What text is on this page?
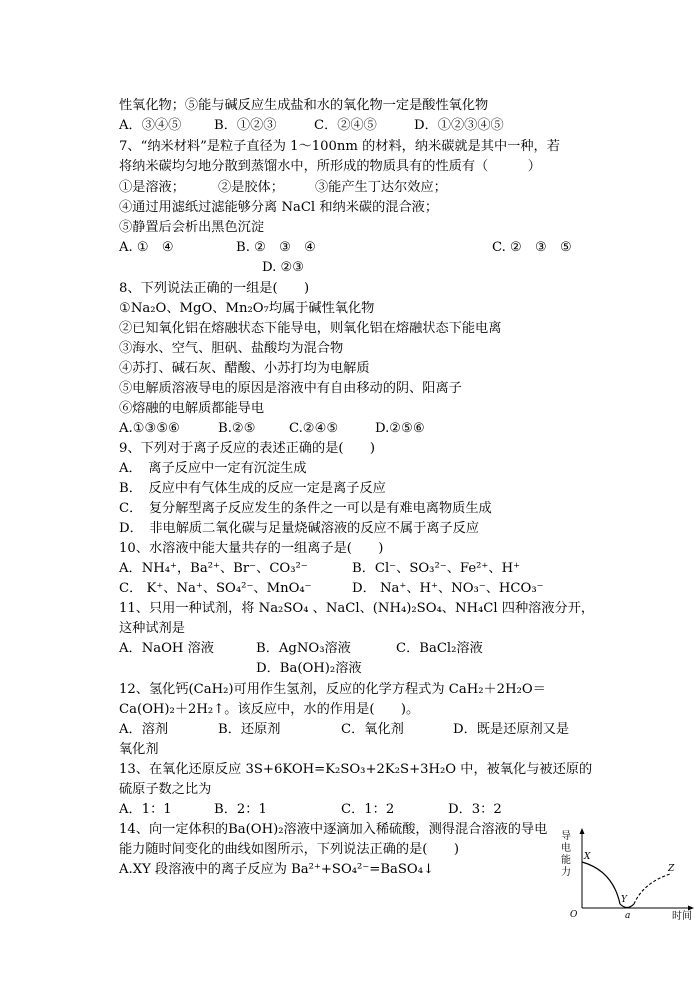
性氧化物；⑤能与碱反应生成盐和水的氧化物一定是酸性氧化物
A．③④⑤ B．①②③	C．②④⑤	D．①②③④⑤
7、“纳米材料”是粒子直径为 1～100nm 的材料，纳米碳就是其中一种，若
将纳米碳均匀地分散到蒸馏水中，所形成的物质具有的性质有（　　　）
①是溶液；	②是胶体； ③能产生丁达尔效应；
④通过用滤纸过滤能够分离 NaCl 和纳米碳的混合液；
⑤静置后会析出黑色沉淀
A. ①　④	B. ②　③　④	C. ②　③　⑤
D. ②③
8、下列说法正确的一组是(　　)
①Na₂O、MgO、Mn₂O₇均属于碱性氧化物
②已知氧化铝在熔融状态下能导电，则氧化铝在熔融状态下能电离
③海水、空气、胆矾、盐酸均为混合物
④苏打、碱石灰、醋酸、小苏打均为电解质
⑤电解质溶液导电的原因是溶液中有自由移动的阴、阳离子
⑥熔融的电解质都能导电
A.①③⑤⑥	B.②⑤	C.②④⑤	D.②⑤⑥
9、下列对于离子反应的表述正确的是(　　)
A．　离子反应中一定有沉淀生成
B．　反应中有气体生成的反应一定是离子反应
C．　复分解型离子反应发生的条件之一可以是有难电离物质生成
D．　非电解质二氧化碳与足量烧碱溶液的反应不属于离子反应
10、水溶液中能大量共存的一组离子是(　　)
A．NH₄⁺，Ba²⁺、Br⁻、CO₃²⁻	B．Cl⁻、SO₃²⁻、Fe²⁺、H⁺
C． K⁺、Na⁺、SO₄²⁻、MnO₄⁻	D． Na⁺、H⁺、NO₃⁻、HCO₃⁻
11、只用一种试剂，将 Na₂SO₄ 、NaCl、(NH₄)₂SO₄、NH₄Cl 四种溶液分开，
这种试剂是
A．NaOH 溶液	B．AgNO₃溶液	C．BaCl₂溶液
D．Ba(OH)₂溶液
12、氢化钙(CaH₂)可用作生氢剂，反应的化学方程式为 CaH₂＋2H₂O＝
Ca(OH)₂＋2H₂↑。该反应中，水的作用是(　　)。
A．溶剂	B．还原剂	C．氧化剂	D．既是还原剂又是
氧化剂
13、在氧化还原反应 3S+6KOH=K₂SO₃+2K₂S+3H₂O 中，被氧化与被还原的
硫原子数之比为
A．1：1	B．2：1	C．1：2	D．3：2
14、向一定体积的Ba(OH)₂溶液中逐滴加入稀硫酸，测得混合溶液的导电
能力随时间变化的曲线如图所示，下列说法正确的是(　　)
A.XY 段溶液中的离子反应为 Ba²⁺+SO₄²⁻=BaSO₄↓
导
电
能
力
X
Y
Z
O	a	时间
